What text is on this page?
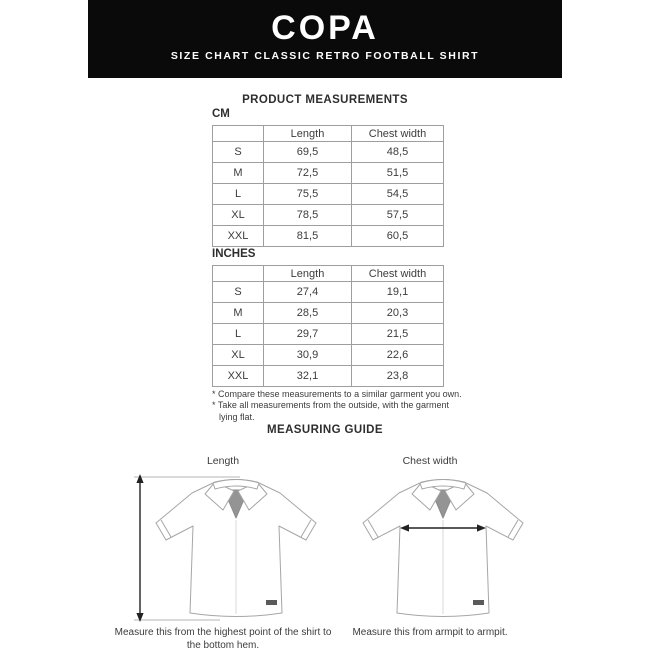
COPA
SIZE CHART CLASSIC RETRO FOOTBALL SHIRT
PRODUCT MEASUREMENTS
CM
	Length	Chest width
S	69,5	48,5
M	72,5	51,5
L	75,5	54,5
XL	78,5	57,5
XXL	81,5	60,5
INCHES
	Length	Chest width
S	27,4	19,1
M	28,5	20,3
L	29,7	21,5
XL	30,9	22,6
XXL	32,1	23,8
* Compare these measurements to a similar garment you own.
* Take all measurements from the outside, with the garment lying flat.
MEASURING GUIDE
Length
Measure this from the highest point of the shirt to the bottom hem.
Chest width
Measure this from armpit to armpit.
